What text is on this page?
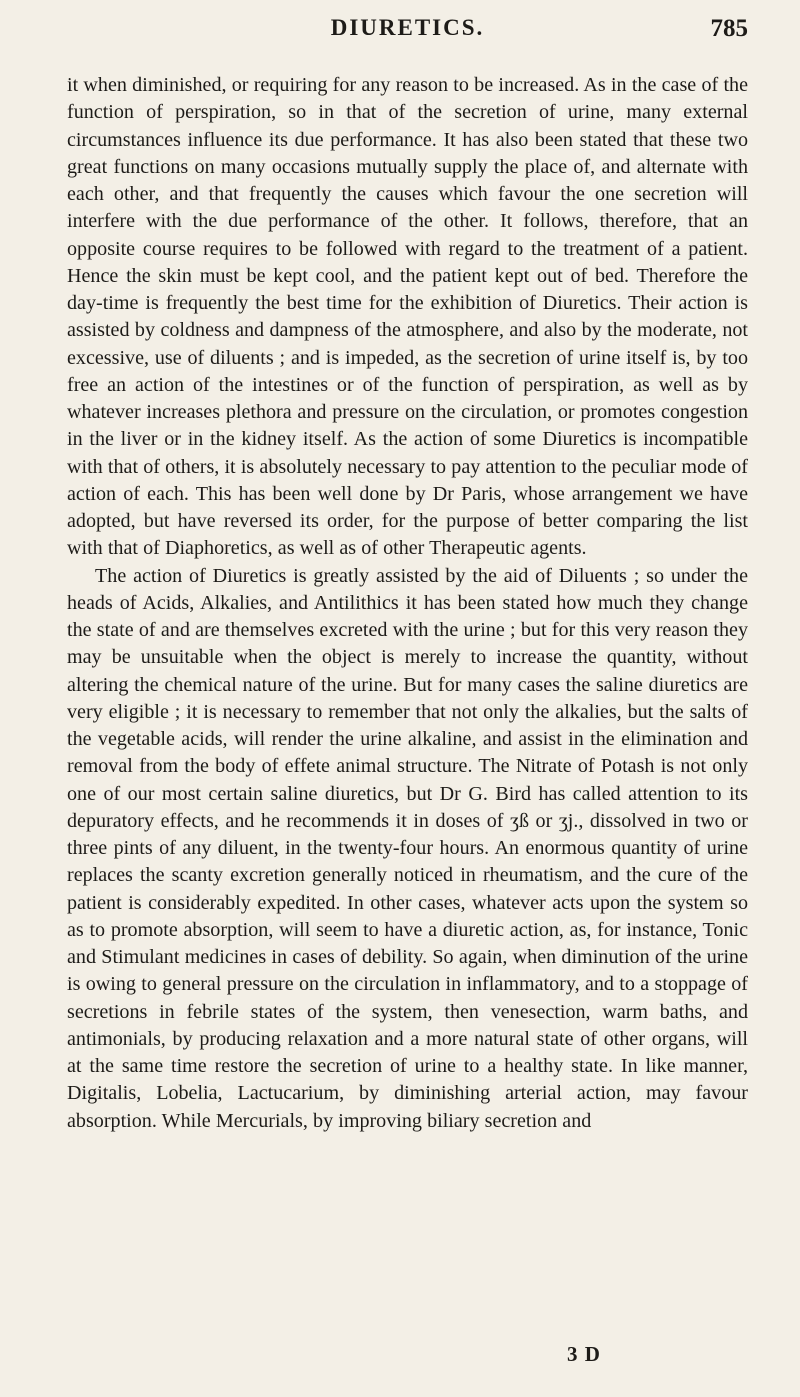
DIURETICS.	785

it when diminished, or requiring for any reason to be increased. As in the case of the function of perspiration, so in that of the secretion of urine, many external circumstances influence its due performance. It has also been stated that these two great functions on many occasions mutually supply the place of, and alternate with each other, and that frequently the causes which favour the one secretion will interfere with the due performance of the other. It follows, therefore, that an opposite course requires to be followed with regard to the treatment of a patient. Hence the skin must be kept cool, and the patient kept out of bed. Therefore the day-time is frequently the best time for the exhibition of Diuretics. Their action is assisted by coldness and dampness of the atmosphere, and also by the moderate, not excessive, use of diluents ; and is impeded, as the secretion of urine itself is, by too free an action of the intestines or of the function of perspiration, as well as by whatever increases plethora and pressure on the circulation, or promotes congestion in the liver or in the kidney itself. As the action of some Diuretics is incompatible with that of others, it is absolutely necessary to pay attention to the peculiar mode of action of each. This has been well done by Dr Paris, whose arrangement we have adopted, but have reversed its order, for the purpose of better comparing the list with that of Diaphoretics, as well as of other Therapeutic agents.

The action of Diuretics is greatly assisted by the aid of Diluents ; so under the heads of Acids, Alkalies, and Antilithics it has been stated how much they change the state of and are themselves excreted with the urine ; but for this very reason they may be unsuitable when the object is merely to increase the quantity, without altering the chemical nature of the urine. But for many cases the saline diuretics are very eligible ; it is necessary to remember that not only the alkalies, but the salts of the vegetable acids, will render the urine alkaline, and assist in the elimination and removal from the body of effete animal structure. The Nitrate of Potash is not only one of our most certain saline diuretics, but Dr G. Bird has called attention to its depuratory effects, and he recommends it in doses of ʒß or ʒj., dissolved in two or three pints of any diluent, in the twenty-four hours. An enormous quantity of urine replaces the scanty excretion generally noticed in rheumatism, and the cure of the patient is considerably expedited. In other cases, whatever acts upon the system so as to promote absorption, will seem to have a diuretic action, as, for instance, Tonic and Stimulant medicines in cases of debility. So again, when diminution of the urine is owing to general pressure on the circulation in inflammatory, and to a stoppage of secretions in febrile states of the system, then venesection, warm baths, and antimonials, by producing relaxation and a more natural state of other organs, will at the same time restore the secretion of urine to a healthy state. In like manner, Digitalis, Lobelia, Lactucarium, by diminishing arterial action, may favour absorption. While Mercurials, by improving biliary secretion and

3 D
